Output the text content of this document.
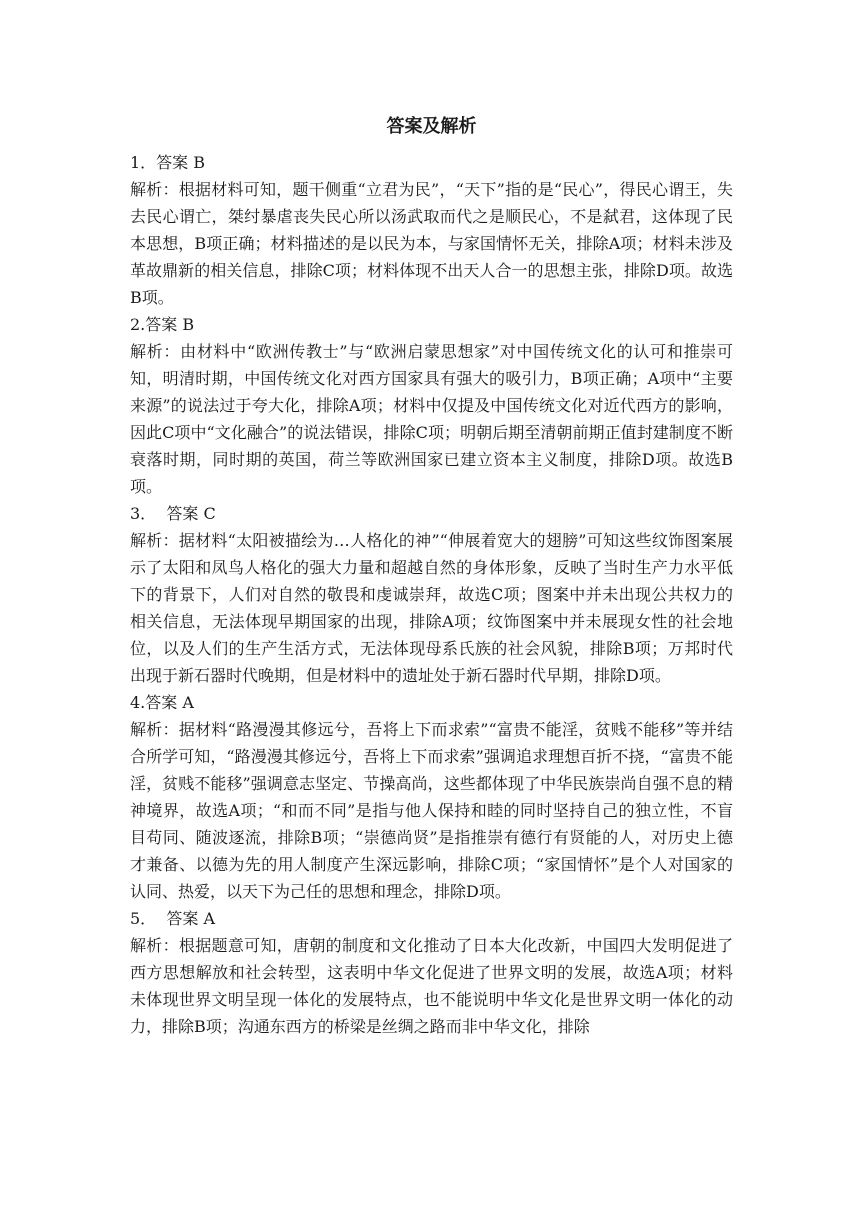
答案及解析
1．答案 B

解析：根据材料可知，题干侧重“立君为民”，“天下”指的是“民心”，得民心谓王，失去民心谓亡，桀纣暴虐丧失民心所以汤武取而代之是顺民心，不是弑君，这体现了民本思想，B项正确；材料描述的是以民为本，与家国情怀无关，排除A项；材料未涉及革故鼎新的相关信息，排除C项；材料体现不出天人合一的思想主张，排除D项。故选B项。

2.答案 B

解析：由材料中“欧洲传教士”与“欧洲启蒙思想家”对中国传统文化的认可和推崇可知，明清时期，中国传统文化对西方国家具有强大的吸引力，B项正确；A项中“主要来源”的说法过于夸大化，排除A项；材料中仅提及中国传统文化对近代西方的影响，因此C项中“文化融合”的说法错误，排除C项；明朝后期至清朝前期正值封建制度不断衰落时期，同时期的英国，荷兰等欧洲国家已建立资本主义制度，排除D项。故选B项。

3．  答案 C

解析：据材料“太阳被描绘为…人格化的神”“伸展着宽大的翅膀”可知这些纹饰图案展示了太阳和凤鸟人格化的强大力量和超越自然的身体形象，反映了当时生产力水平低下的背景下，人们对自然的敬畏和虔诚崇拜，故选C项；图案中并未出现公共权力的相关信息，无法体现早期国家的出现，排除A项；纹饰图案中并未展现女性的社会地位，以及人们的生产生活方式，无法体现母系氏族的社会风貌，排除B项；万邦时代出现于新石器时代晚期，但是材料中的遗址处于新石器时代早期，排除D项。

4.答案 A

解析：据材料“路漫漫其修远兮，吾将上下而求索”“富贵不能淫，贫贱不能移”等并结合所学可知，“路漫漫其修远兮，吾将上下而求索”强调追求理想百折不挠，“富贵不能淫，贫贱不能移”强调意志坚定、节操高尚，这些都体现了中华民族崇尚自强不息的精神境界，故选A项；“和而不同”是指与他人保持和睦的同时坚持自己的独立性，不盲目苟同、随波逐流，排除B项；“崇德尚贤”是指推崇有德行有贤能的人，对历史上德才兼备、以德为先的用人制度产生深远影响，排除C项；“家国情怀”是个人对国家的认同、热爱，以天下为己任的思想和理念，排除D项。

5．  答案 A

解析：根据题意可知，唐朝的制度和文化推动了日本大化改新，中国四大发明促进了西方思想解放和社会转型，这表明中华文化促进了世界文明的发展，故选A项；材料未体现世界文明呈现一体化的发展特点，也不能说明中华文化是世界文明一体化的动力，排除B项；沟通东西方的桥梁是丝绸之路而非中华文化，排除
